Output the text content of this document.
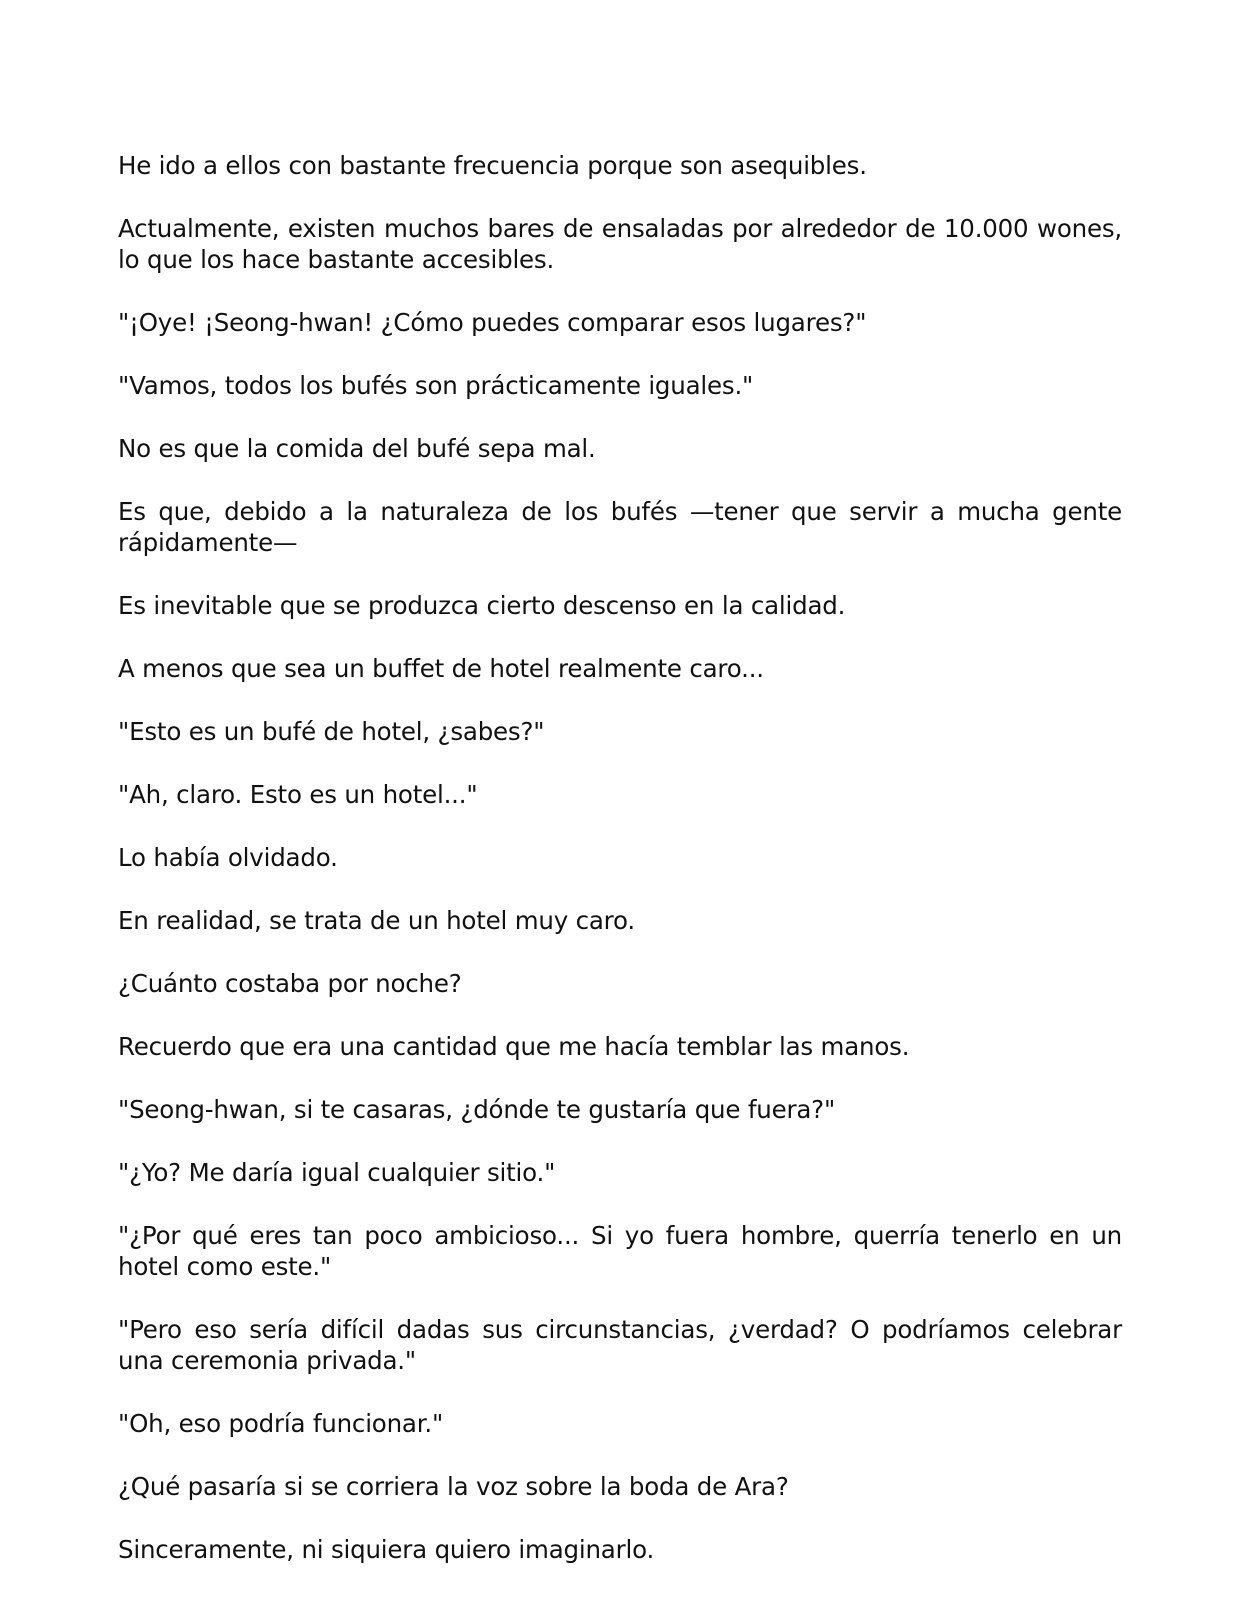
He ido a ellos con bastante frecuencia porque son asequibles.

Actualmente, existen muchos bares de ensaladas por alrededor de 10.000 wones, lo que los hace bastante accesibles.

"¡Oye! ¡Seong-hwan! ¿Cómo puedes comparar esos lugares?"

"Vamos, todos los bufés son prácticamente iguales."

No es que la comida del bufé sepa mal.

Es que, debido a la naturaleza de los bufés —tener que servir a mucha gente rápidamente—

Es inevitable que se produzca cierto descenso en la calidad.

A menos que sea un buffet de hotel realmente caro...

"Esto es un bufé de hotel, ¿sabes?"

"Ah, claro. Esto es un hotel..."

Lo había olvidado.

En realidad, se trata de un hotel muy caro.

¿Cuánto costaba por noche?

Recuerdo que era una cantidad que me hacía temblar las manos.

"Seong-hwan, si te casaras, ¿dónde te gustaría que fuera?"

"¿Yo? Me daría igual cualquier sitio."

"¿Por qué eres tan poco ambicioso... Si yo fuera hombre, querría tenerlo en un hotel como este."

"Pero eso sería difícil dadas sus circunstancias, ¿verdad? O podríamos celebrar una ceremonia privada."

"Oh, eso podría funcionar."

¿Qué pasaría si se corriera la voz sobre la boda de Ara?

Sinceramente, ni siquiera quiero imaginarlo.
